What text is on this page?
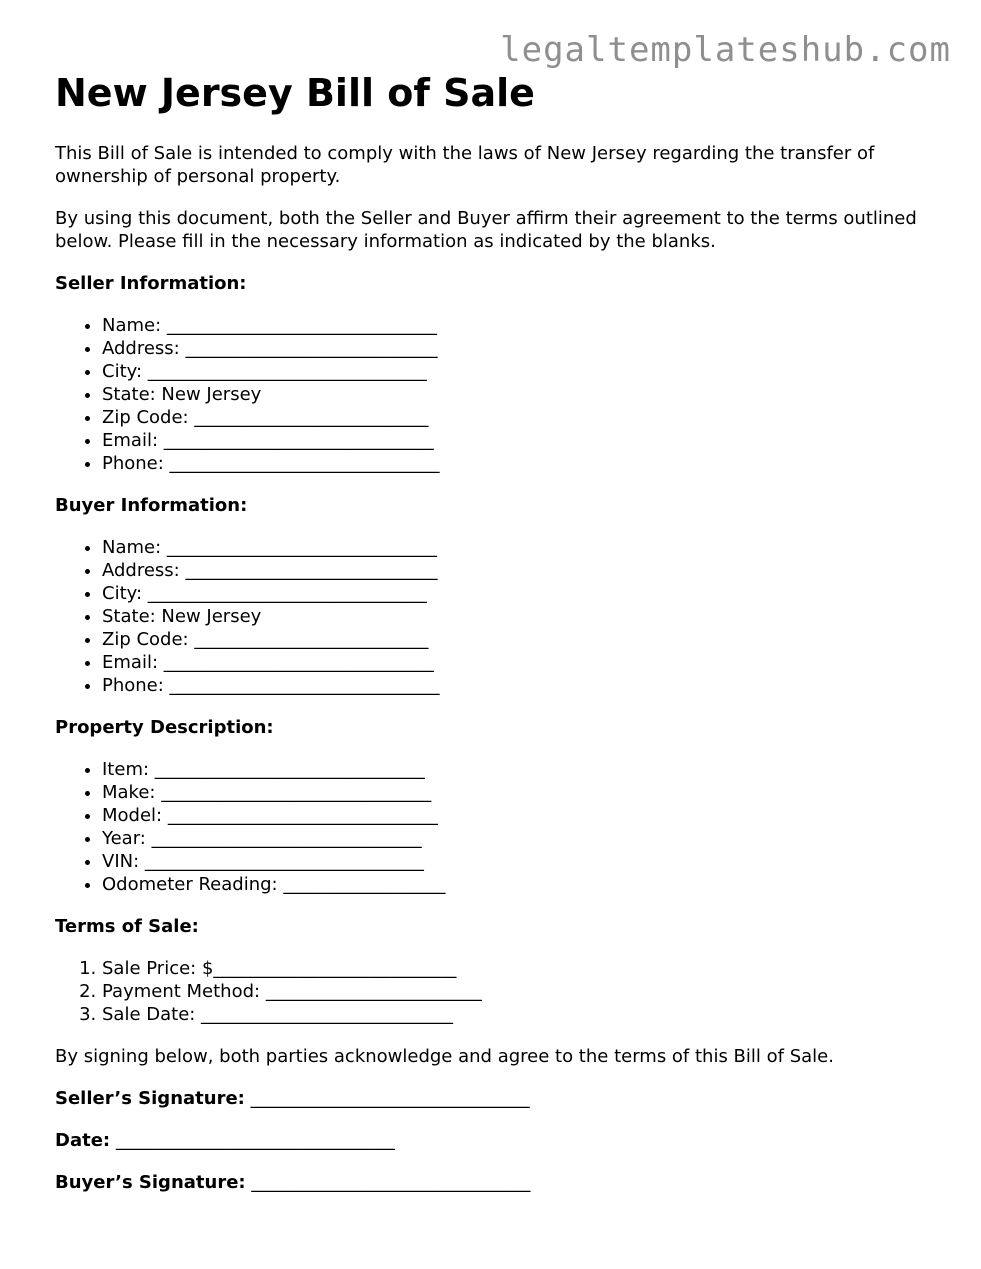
legaltemplateshub.com
New Jersey Bill of Sale

This Bill of Sale is intended to comply with the laws of New Jersey regarding the transfer of ownership of personal property.

By using this document, both the Seller and Buyer affirm their agreement to the terms outlined below. Please fill in the necessary information as indicated by the blanks.

Seller Information:
• Name: ______________________________
• Address: ____________________________
• City: _______________________________
• State: New Jersey
• Zip Code: __________________________
• Email: ______________________________
• Phone: ______________________________
Buyer Information:
• Name: ______________________________
• Address: ____________________________
• City: _______________________________
• State: New Jersey
• Zip Code: __________________________
• Email: ______________________________
• Phone: ______________________________
Property Description:
• Item: ______________________________
• Make: ______________________________
• Model: ______________________________
• Year: ______________________________
• VIN: _______________________________
• Odometer Reading: __________________
Terms of Sale:
1. Sale Price: $___________________________
2. Payment Method: ________________________
3. Sale Date: ____________________________

By signing below, both parties acknowledge and agree to the terms of this Bill of Sale.

Seller’s Signature: _______________________________
Date: _______________________________
Buyer’s Signature: _______________________________
